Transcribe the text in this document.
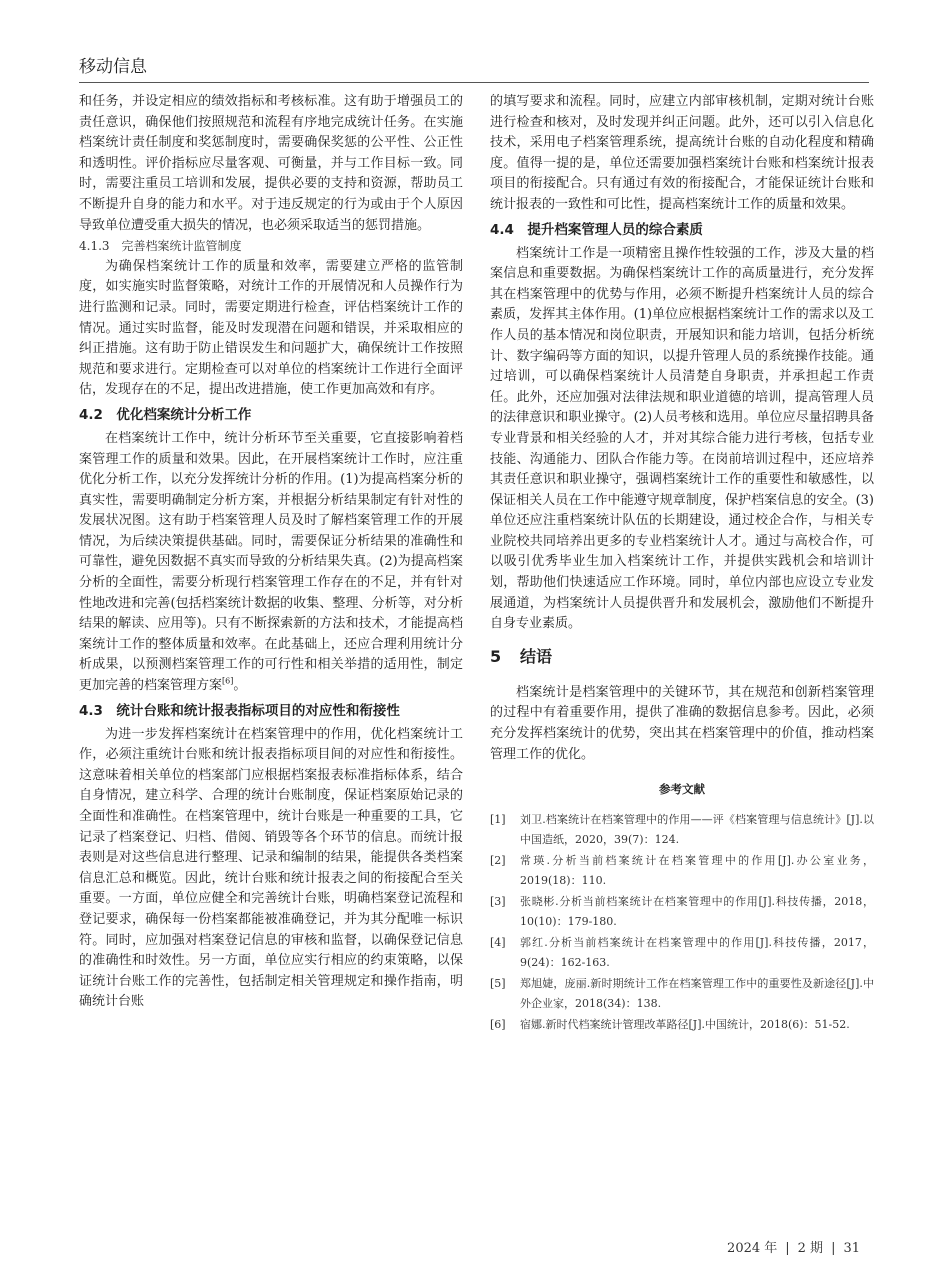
移动信息

和任务，并设定相应的绩效指标和考核标准。这有助于增强员工的责任意识，确保他们按照规范和流程有序地完成统计任务。在实施档案统计责任制度和奖惩制度时，需要确保奖惩的公平性、公正性和透明性。评价指标应尽量客观、可衡量，并与工作目标一致。同时，需要注重员工培训和发展，提供必要的支持和资源，帮助员工不断提升自身的能力和水平。对于违反规定的行为或由于个人原因导致单位遭受重大损失的情况，也必须采取适当的惩罚措施。

4.1.3 完善档案统计监管制度

为确保档案统计工作的质量和效率，需要建立严格的监管制度，如实施实时监督策略，对统计工作的开展情况和人员操作行为进行监测和记录。同时，需要定期进行检查，评估档案统计工作的情况。通过实时监督，能及时发现潜在问题和错误，并采取相应的纠正措施。这有助于防止错误发生和问题扩大，确保统计工作按照规范和要求进行。定期检查可以对单位的档案统计工作进行全面评估，发现存在的不足，提出改进措施，使工作更加高效和有序。

4.2　优化档案统计分析工作

在档案统计工作中，统计分析环节至关重要，它直接影响着档案管理工作的质量和效果。因此，在开展档案统计工作时，应注重优化分析工作，以充分发挥统计分析的作用。(1)为提高档案分析的真实性，需要明确制定分析方案，并根据分析结果制定有针对性的发展状况图。这有助于档案管理人员及时了解档案管理工作的开展情况，为后续决策提供基础。同时，需要保证分析结果的准确性和可靠性，避免因数据不真实而导致的分析结果失真。(2)为提高档案分析的全面性，需要分析现行档案管理工作存在的不足，并有针对性地改进和完善(包括档案统计数据的收集、整理、分析等，对分析结果的解读、应用等)。只有不断探索新的方法和技术，才能提高档案统计工作的整体质量和效率。在此基础上，还应合理利用统计分析成果，以预测档案管理工作的可行性和相关举措的适用性，制定更加完善的档案管理方案[6]。

4.3　统计台账和统计报表指标项目的对应性和衔接性

为进一步发挥档案统计在档案管理中的作用，优化档案统计工作，必须注重统计台账和统计报表指标项目间的对应性和衔接性。这意味着相关单位的档案部门应根据档案报表标准指标体系，结合自身情况，建立科学、合理的统计台账制度，保证档案原始记录的全面性和准确性。在档案管理中，统计台账是一种重要的工具，它记录了档案登记、归档、借阅、销毁等各个环节的信息。而统计报表则是对这些信息进行整理、记录和编制的结果，能提供各类档案信息汇总和概览。因此，统计台账和统计报表之间的衔接配合至关重要。一方面，单位应健全和完善统计台账，明确档案登记流程和登记要求，确保每一份档案都能被准确登记，并为其分配唯一标识符。同时，应加强对档案登记信息的审核和监督，以确保登记信息的准确性和时效性。另一方面，单位应实行相应的约束策略，以保证统计台账工作的完善性，包括制定相关管理规定和操作指南，明确统计台账

的填写要求和流程。同时，应建立内部审核机制，定期对统计台账进行检查和核对，及时发现并纠正问题。此外，还可以引入信息化技术，采用电子档案管理系统，提高统计台账的自动化程度和精确度。值得一提的是，单位还需要加强档案统计台账和档案统计报表项目的衔接配合。只有通过有效的衔接配合，才能保证统计台账和统计报表的一致性和可比性，提高档案统计工作的质量和效果。

4.4　提升档案管理人员的综合素质

档案统计工作是一项精密且操作性较强的工作，涉及大量的档案信息和重要数据。为确保档案统计工作的高质量进行，充分发挥其在档案管理中的优势与作用，必须不断提升档案统计人员的综合素质，发挥其主体作用。(1)单位应根据档案统计工作的需求以及工作人员的基本情况和岗位职责，开展知识和能力培训，包括分析统计、数字编码等方面的知识，以提升管理人员的系统操作技能。通过培训，可以确保档案统计人员清楚自身职责，并承担起工作责任。此外，还应加强对法律法规和职业道德的培训，提高管理人员的法律意识和职业操守。(2)人员考核和选用。单位应尽量招聘具备专业背景和相关经验的人才，并对其综合能力进行考核，包括专业技能、沟通能力、团队合作能力等。在岗前培训过程中，还应培养其责任意识和职业操守，强调档案统计工作的重要性和敏感性，以保证相关人员在工作中能遵守规章制度，保护档案信息的安全。(3)单位还应注重档案统计队伍的长期建设，通过校企合作，与相关专业院校共同培养出更多的专业档案统计人才。通过与高校合作，可以吸引优秀毕业生加入档案统计工作，并提供实践机会和培训计划，帮助他们快速适应工作环境。同时，单位内部也应设立专业发展通道，为档案统计人员提供晋升和发展机会，激励他们不断提升自身专业素质。

5 结语

档案统计是档案管理中的关键环节，其在规范和创新档案管理的过程中有着重要作用，提供了准确的数据信息参考。因此，必须充分发挥档案统计的优势，突出其在档案管理中的价值，推动档案管理工作的优化。

参考文献
[1]	刘卫.档案统计在档案管理中的作用——评《档案管理与信息统计》[J].以中国造纸，2020，39(7)：124.
[2]	常瑛.分析当前档案统计在档案管理中的作用[J].办公室业务，2019(18)：110.
[3]	张晓彬.分析当前档案统计在档案管理中的作用[J].科技传播，2018，10(10)：179-180.
[4]	郭红.分析当前档案统计在档案管理中的作用[J].科技传播，2017，9(24)：162-163.
[5]	郑旭婕，庞丽.新时期统计工作在档案管理工作中的重要性及新途径[J].中外企业家，2018(34)：138.
[6]	宿娜.新时代档案统计管理改革路径[J].中国统计，2018(6)：51-52.
2024 年 | 2 期 | 31
